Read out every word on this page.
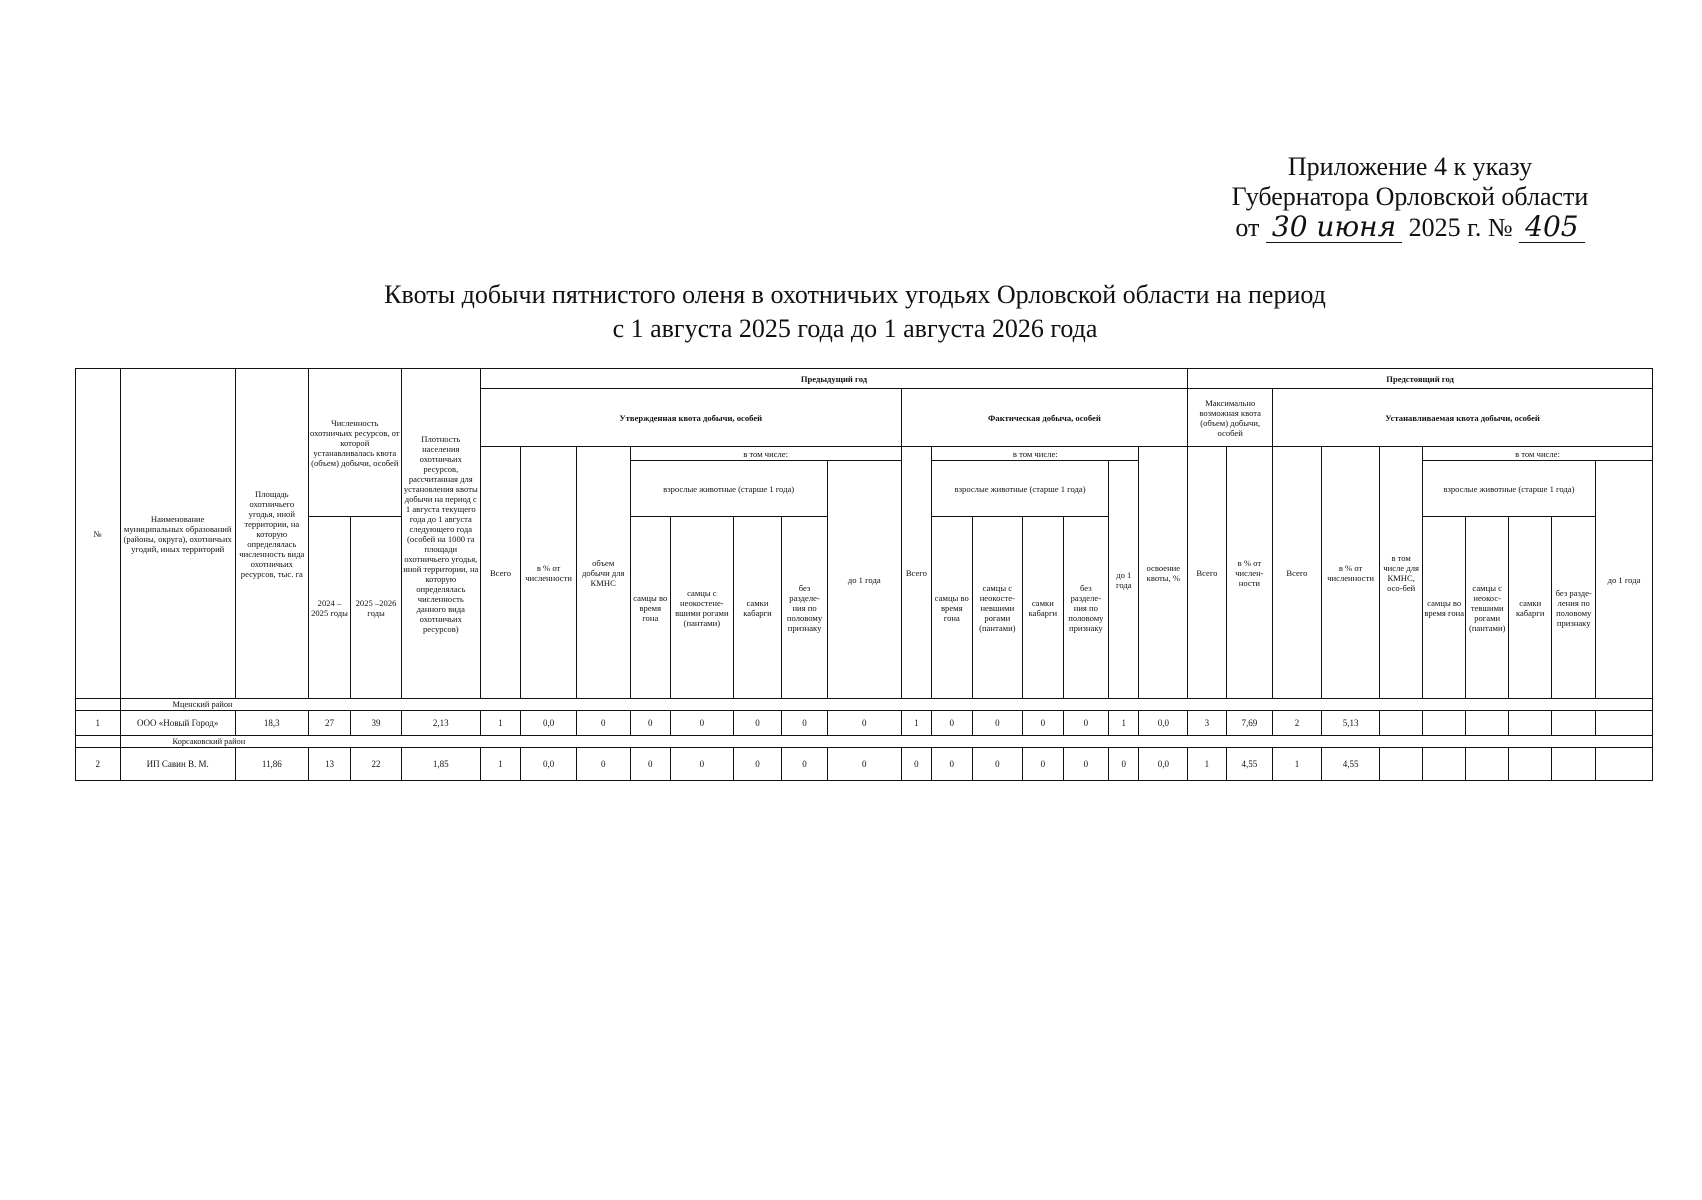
Приложение 4 к указу
Губернатора Орловской области
от 30 июня 2025 г. № 405
Квоты добычи пятнистого оленя в охотничьих угодьях Орловской области на период
с 1 августа 2025 года до 1 августа 2026 года
№	Наименование муниципальных образований (районы, округа), охотничьих угодий, иных территорий	Площадь охотничьего угодья, иной территории, на которую определялась численность вида охотничьих ресурсов, тыс. га	Численность охотничьих ресурсов, от которой устанавливалась квота (объем) добычи, особей		Плотность населения охотничьих ресурсов, рассчитанная для установления квоты добычи на период с 1 августа текущего года до 1 августа следующего года (особей на 1000 га площади охотничьего угодья, иной территории, на которую определялась численность данного вида охотничьих ресурсов)	Предыдущий год															Предстоящий год									
						Утвержденная квота добычи, особей								Фактическая добыча, особей							Максимально возможная квота (объем) добычи, особей		Устанавливаемая квота добычи, особей							
						Всего	в % от численности	объем добычи для КМНС	в том числе:					Всего	в том числе:					освоение квоты, %	Всего	в % от числен-ности	Всего	в % от численности	в том числе для КМНС, осо-бей	в том числе:				
									взрослые животные (старше 1 года)				до 1 года		взрослые животные (старше 1 года)				до 1 года							взрослые животные (старше 1 года)				до 1 года
			2024 – 2025 годы	2025 –2026 годы					самцы во время гона	самцы с неокостене-вшими рогами (пантами)	самки кабарги	без разделе-ния по половому признаку			самцы во время гона	самцы с неокосте-невшими рогами (пантами)	самки кабарги	без разделе-ния по половому признаку								самцы во время гона	самцы с неокос-тевшими рогами (пантами)	самки кабарги	без разде-ления по половому признаку	
	Мценский район																													
1	ООО «Новый Город»	18,3	27	39	2,13	1	0,0	0	0	0	0	0	0	1	0	0	0	0	1	0,0	3	7,69	2	5,13						
	Корсаковский район																													
2	ИП Савин В. М.	11,86	13	22	1,85	1	0,0	0	0	0	0	0	0	0	0	0	0	0	0	0,0	1	4,55	1	4,55						
